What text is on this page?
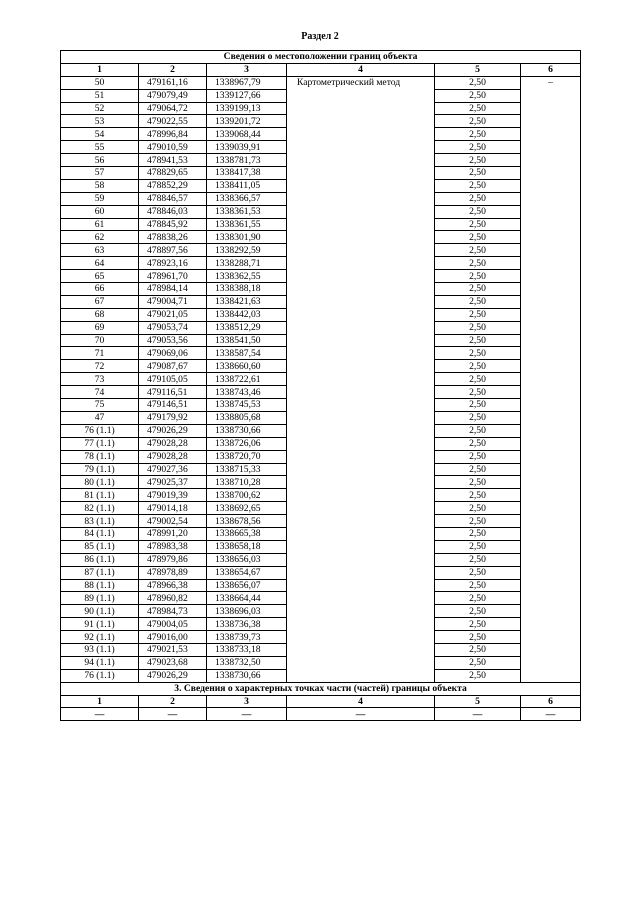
Раздел 2
Сведения о местоположении границ объекта					
1	2	3	4	5	6
50	479161,16	1338967,79	Картометрический метод	2,50	–
51	479079,49	1339127,66		2,50	
52	479064,72	1339199,13		2,50	
53	479022,55	1339201,72		2,50	
54	478996,84	1339068,44		2,50	
55	479010,59	1339039,91		2,50	
56	478941,53	1338781,73		2,50	
57	478829,65	1338417,38		2,50	
58	478852,29	1338411,05		2,50	
59	478846,57	1338366,57		2,50	
60	478846,03	1338361,53		2,50	
61	478845,92	1338361,55		2,50	
62	478838,26	1338301,90		2,50	
63	478897,56	1338292,59		2,50	
64	478923,16	1338288,71		2,50	
65	478961,70	1338362,55		2,50	
66	478984,14	1338388,18		2,50	
67	479004,71	1338421,63		2,50	
68	479021,05	1338442,03		2,50	
69	479053,74	1338512,29		2,50	
70	479053,56	1338541,50		2,50	
71	479069,06	1338587,54		2,50	
72	479087,67	1338660,60		2,50	
73	479105,05	1338722,61		2,50	
74	479116,51	1338743,46		2,50	
75	479146,51	1338745,53		2,50	
47	479179,92	1338805,68		2,50	
76 (1.1)	479026,29	1338730,66		2,50	
77 (1.1)	479028,28	1338726,06		2,50	
78 (1.1)	479028,28	1338720,70		2,50	
79 (1.1)	479027,36	1338715,33		2,50	
80 (1.1)	479025,37	1338710,28		2,50	
81 (1.1)	479019,39	1338700,62		2,50	
82 (1.1)	479014,18	1338692,65		2,50	
83 (1.1)	479002,54	1338678,56		2,50	
84 (1.1)	478991,20	1338665,38		2,50	
85 (1.1)	478983,38	1338658,18		2,50	
86 (1.1)	478979,86	1338656,03		2,50	
87 (1.1)	478978,89	1338654,67		2,50	
88 (1.1)	478966,38	1338656,07		2,50	
89 (1.1)	478960,82	1338664,44		2,50	
90 (1.1)	478984,73	1338696,03		2,50	
91 (1.1)	479004,05	1338736,38		2,50	
92 (1.1)	479016,00	1338739,73		2,50	
93 (1.1)	479021,53	1338733,18		2,50	
94 (1.1)	479023,68	1338732,50		2,50	
76 (1.1)	479026,29	1338730,66		2,50	
3. Сведения о характерных точках части (частей) границы объекта					
1	2	3	4	5	6
—	—	—	—	—	—
